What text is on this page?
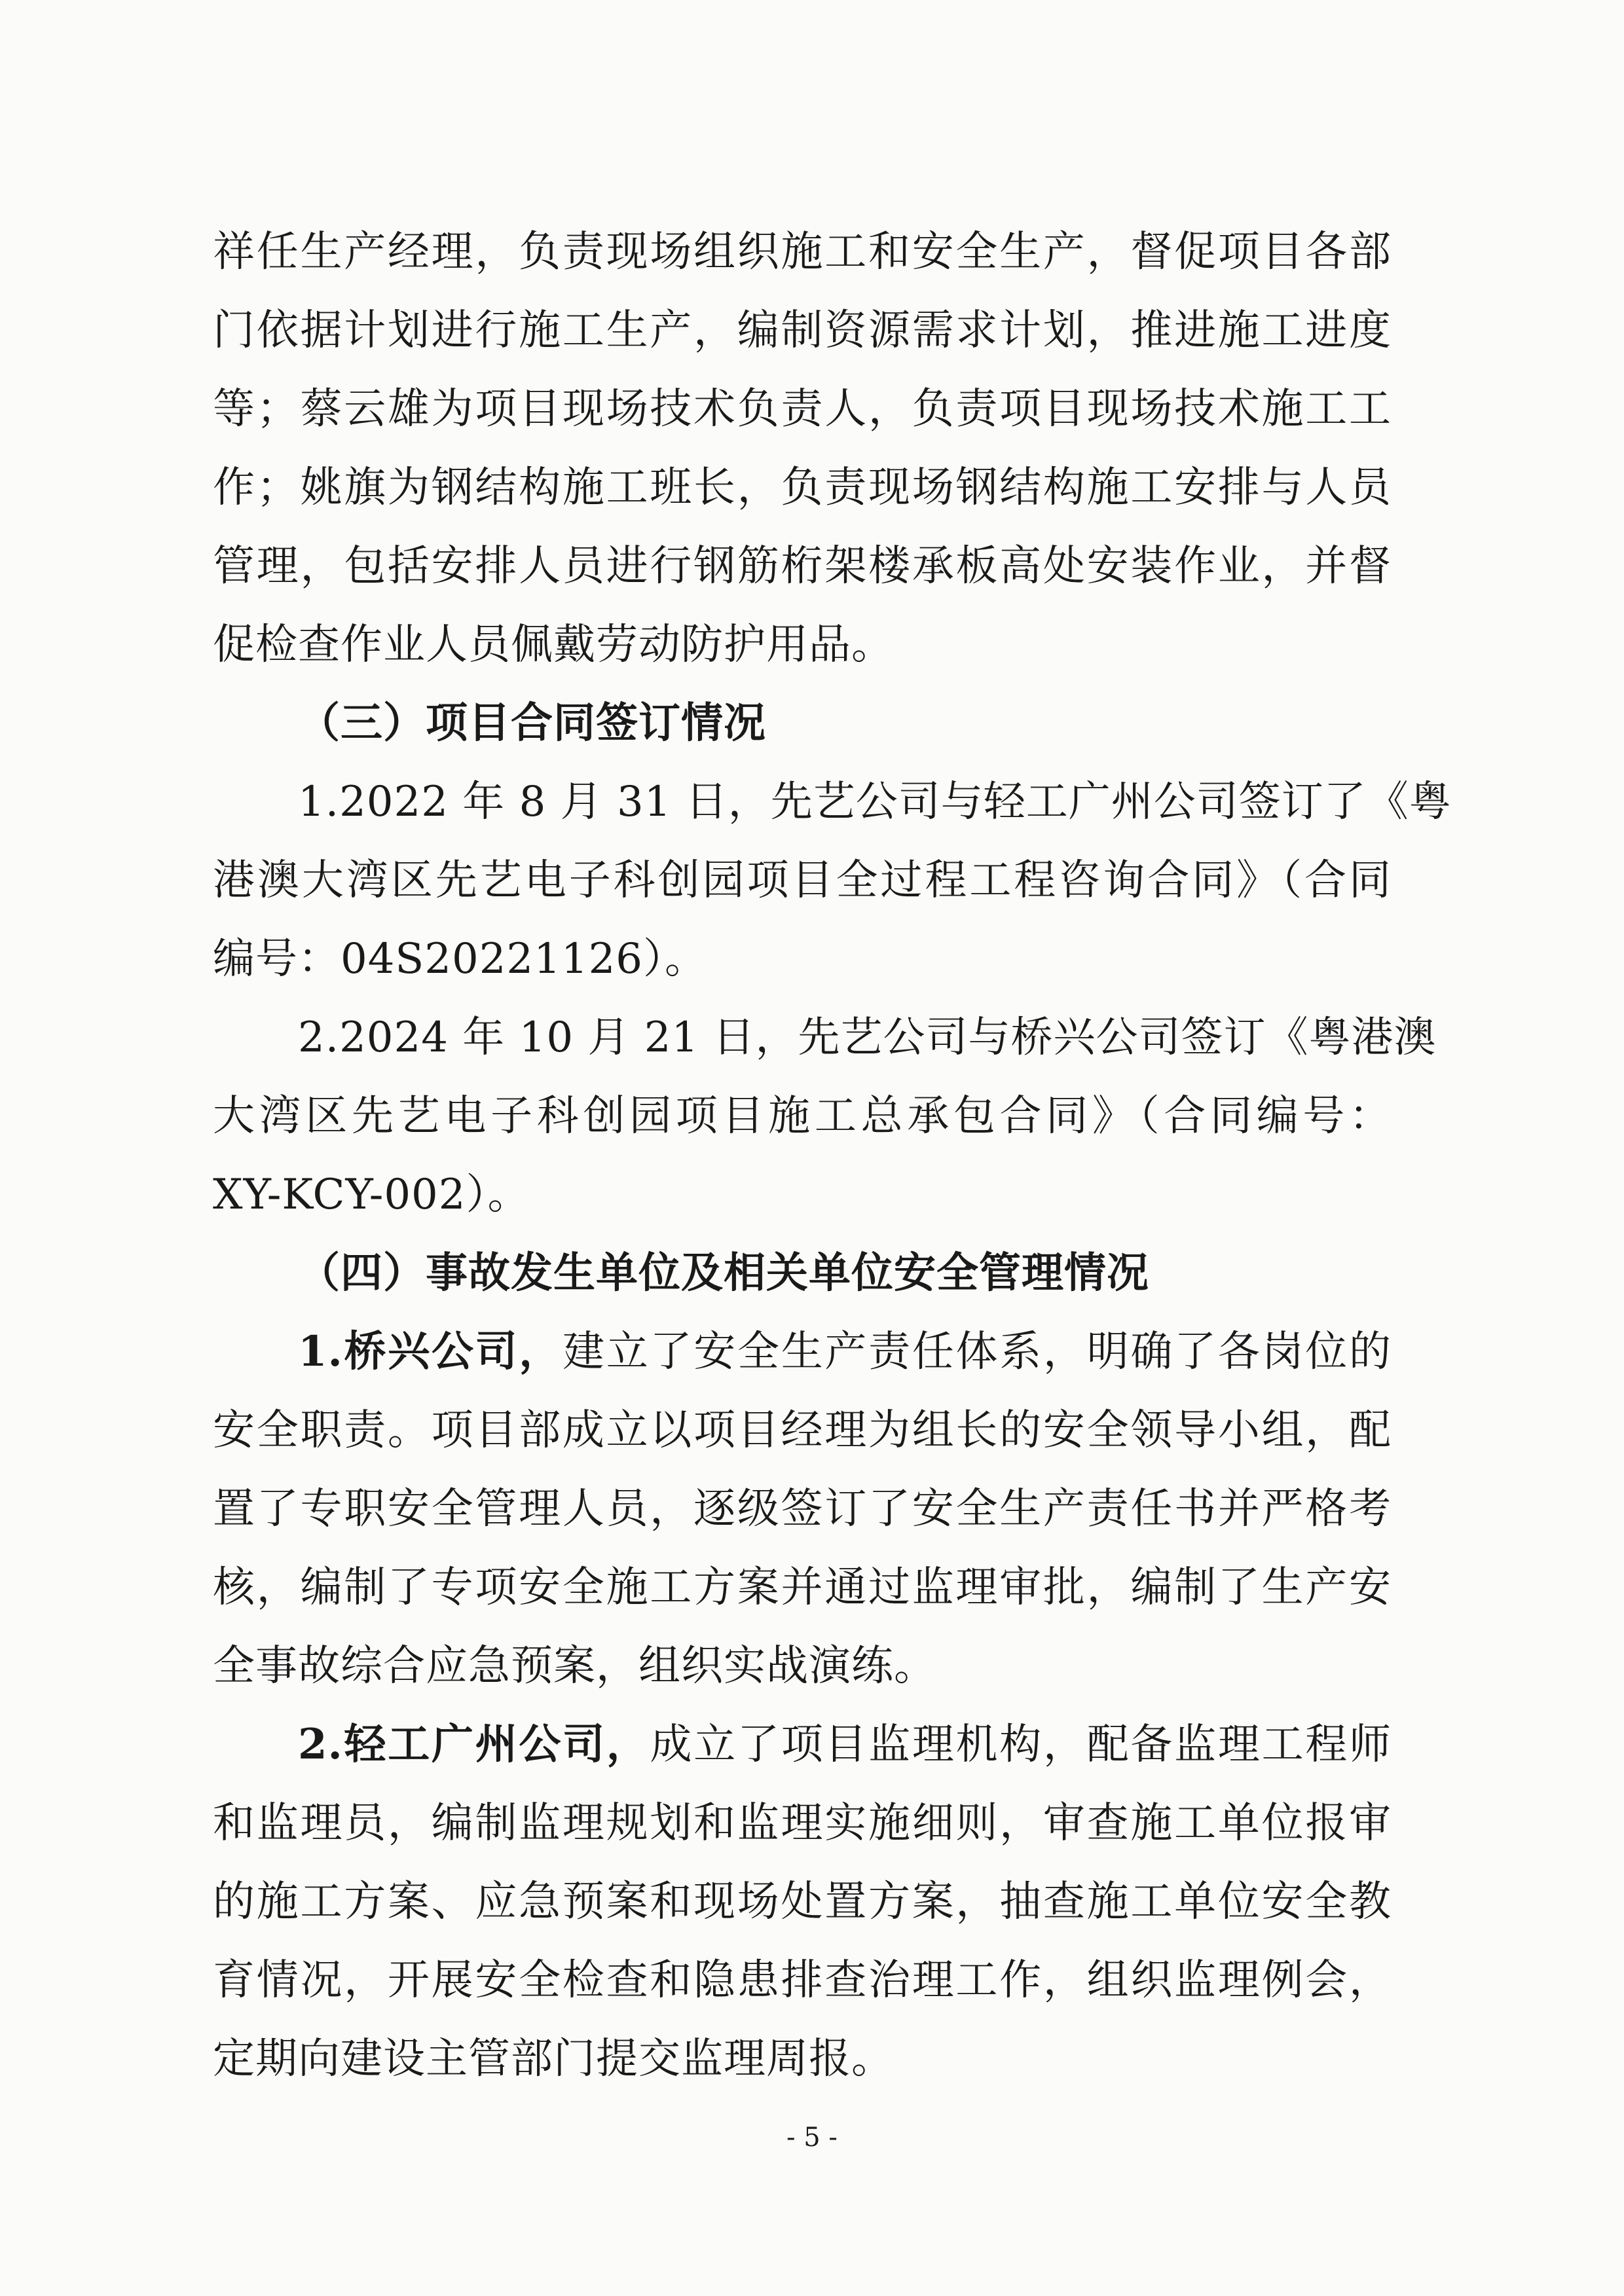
祥任生产经理，负责现场组织施工和安全生产，督促项目各部
门依据计划进行施工生产，编制资源需求计划，推进施工进度
等；蔡云雄为项目现场技术负责人，负责项目现场技术施工工
作；姚旗为钢结构施工班长，负责现场钢结构施工安排与人员
管理，包括安排人员进行钢筋桁架楼承板高处安装作业，并督
促检查作业人员佩戴劳动防护用品。
（三）项目合同签订情况
1.2022 年 8 月 31 日，先艺公司与轻工广州公司签订了《粤
港澳大湾区先艺电子科创园项目全过程工程咨询合同》（合同
编号：04S20221126）。
2.2024 年 10 月 21 日，先艺公司与桥兴公司签订《粤港澳
大湾区先艺电子科创园项目施工总承包合同》（合同编号：
XY-KCY-002）。
（四）事故发生单位及相关单位安全管理情况
1.桥兴公司，建立了安全生产责任体系，明确了各岗位的
安全职责。项目部成立以项目经理为组长的安全领导小组，配
置了专职安全管理人员，逐级签订了安全生产责任书并严格考
核，编制了专项安全施工方案并通过监理审批，编制了生产安
全事故综合应急预案，组织实战演练。
2.轻工广州公司，成立了项目监理机构，配备监理工程师
和监理员，编制监理规划和监理实施细则，审查施工单位报审
的施工方案、应急预案和现场处置方案，抽查施工单位安全教
育情况，开展安全检查和隐患排查治理工作，组织监理例会，
定期向建设主管部门提交监理周报。
- 5 -
